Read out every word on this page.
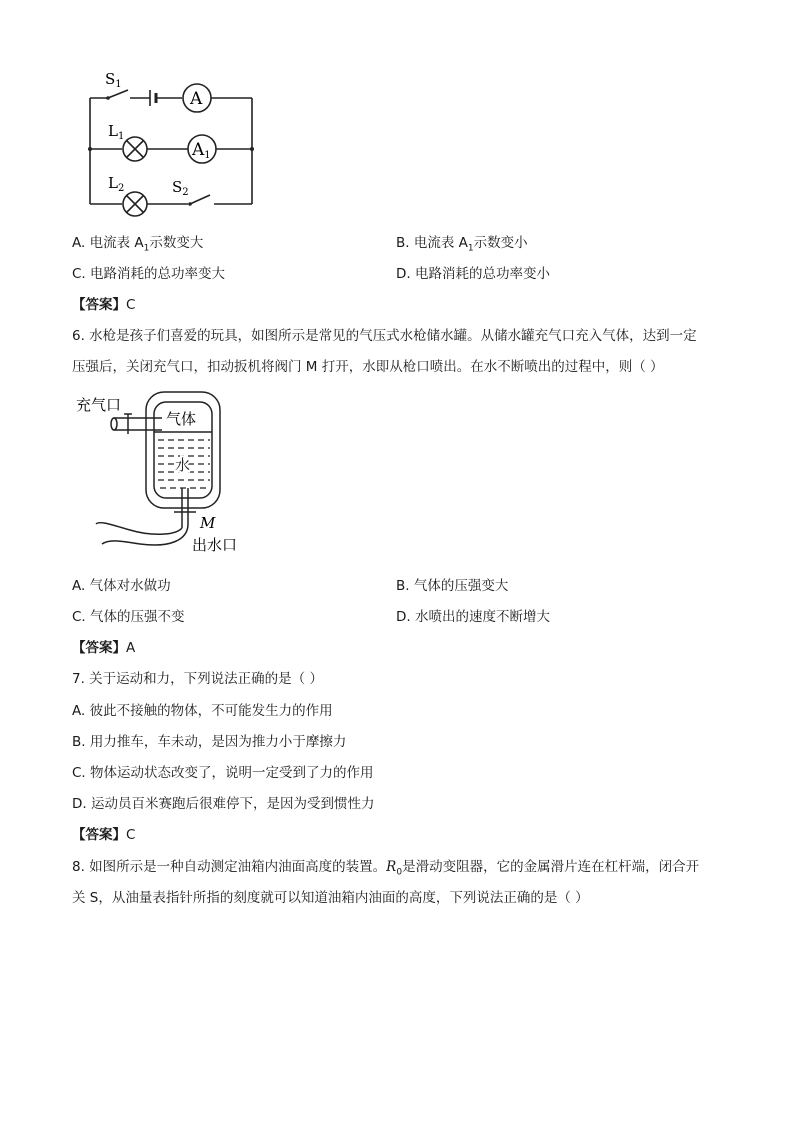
$S_1$
A
$L_1$
A1
$L_2$	$S_2$
A. 电流表 $A_1$示数变大	B. 电流表 $A_1$示数变小
C. 电路消耗的总功率变大	D. 电路消耗的总功率变小
【答案】C
6. 水枪是孩子们喜爱的玩具，如图所示是常见的气压式水枪储水罐。从储水罐充气口充入气体，达到一定
压强后，关闭充气口，扣动扳机将阀门 M 打开，水即从枪口喷出。在水不断喷出的过程中，则（ ）
充气口
气体
水
M
出水口
A. 气体对水做功	B. 气体的压强变大
C. 气体的压强不变	D. 水喷出的速度不断增大
【答案】A
7. 关于运动和力，下列说法正确的是（ ）
A. 彼此不接触的物体，不可能发生力的作用
B. 用力推车，车未动，是因为推力小于摩擦力
C. 物体运动状态改变了，说明一定受到了力的作用
D. 运动员百米赛跑后很难停下，是因为受到惯性力
【答案】C
8. 如图所示是一种自动测定油箱内油面高度的装置。$R_0$是滑动变阻器，它的金属滑片连在杠杆端，闭合开
关 S，从油量表指针所指的刻度就可以知道油箱内油面的高度，下列说法正确的是（ ）
